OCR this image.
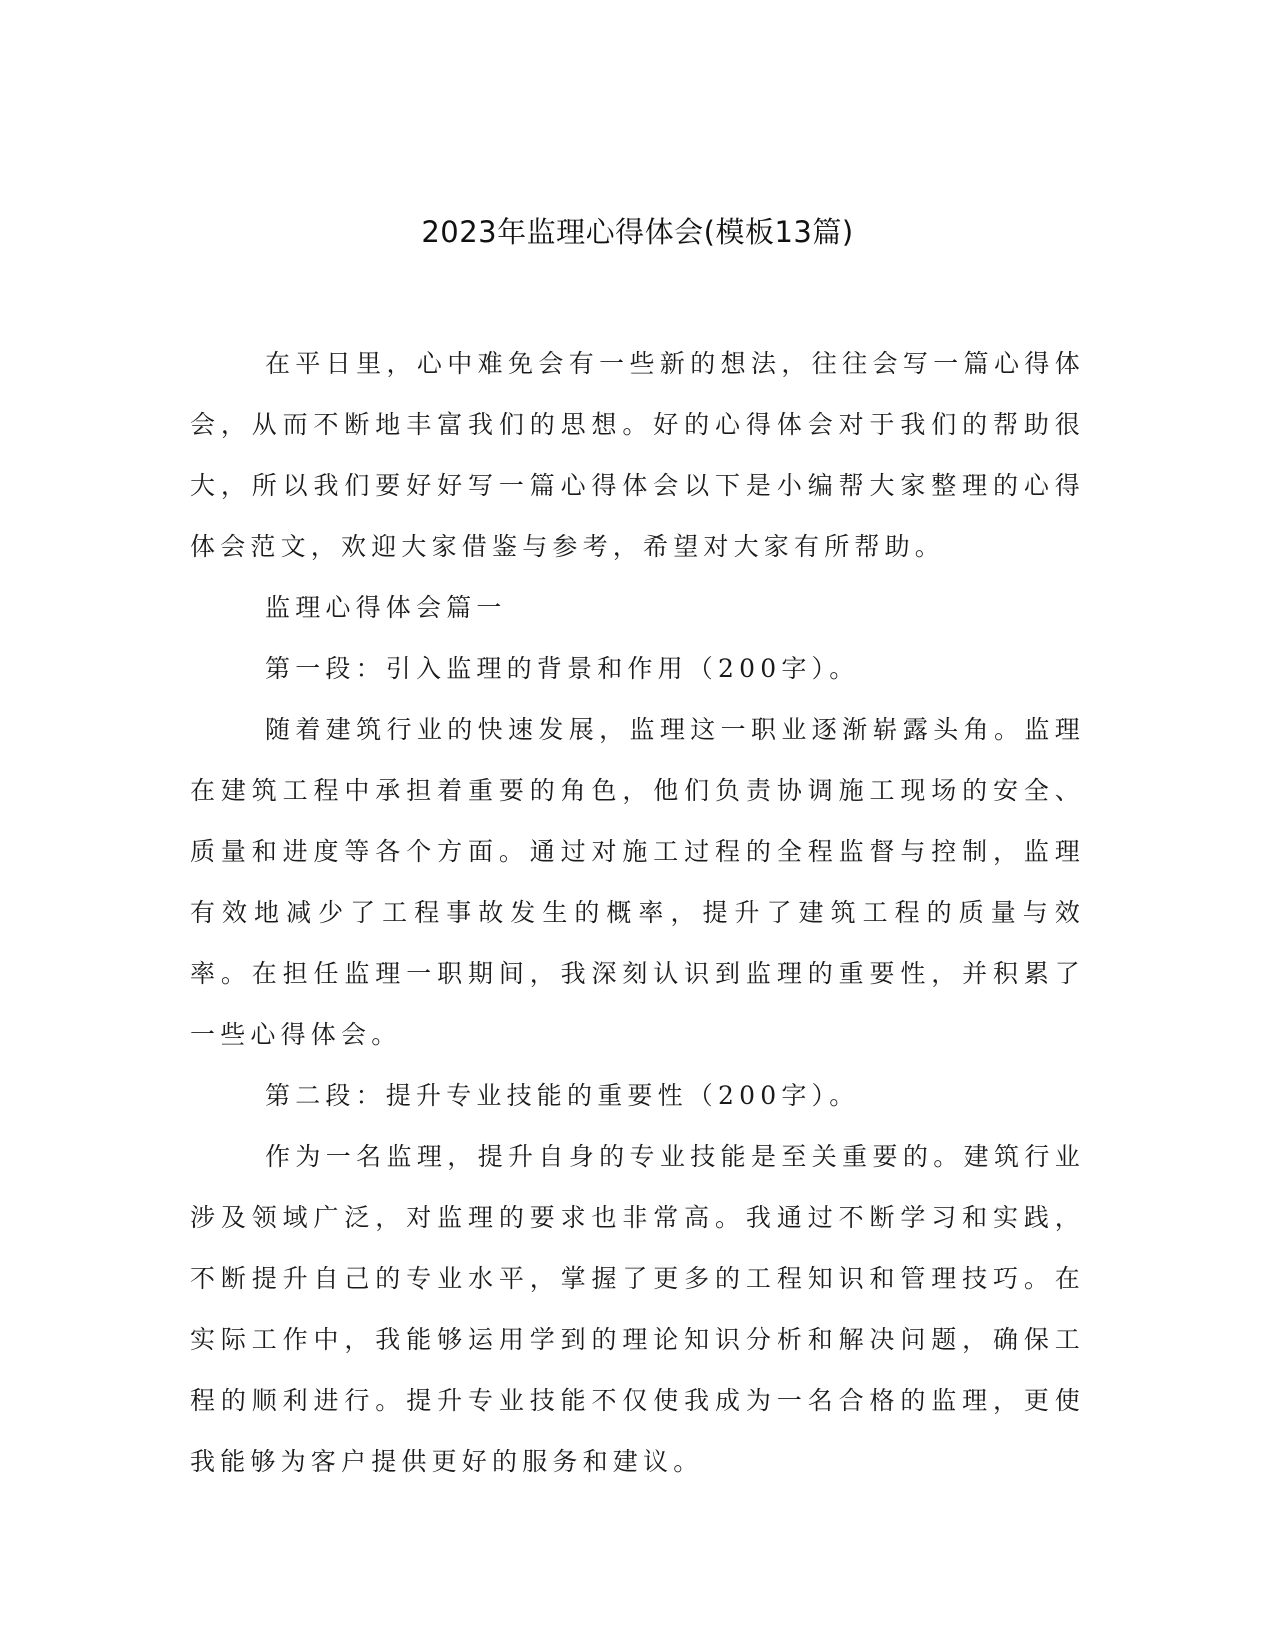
2023年监理心得体会(模板13篇)

在平日里，心中难免会有一些新的想法，往往会写一篇心得体会，从而不断地丰富我们的思想。好的心得体会对于我们的帮助很大，所以我们要好好写一篇心得体会以下是小编帮大家整理的心得体会范文，欢迎大家借鉴与参考，希望对大家有所帮助。

监理心得体会篇一

第一段：引入监理的背景和作用（200字）。

随着建筑行业的快速发展，监理这一职业逐渐崭露头角。监理在建筑工程中承担着重要的角色，他们负责协调施工现场的安全、质量和进度等各个方面。通过对施工过程的全程监督与控制，监理有效地减少了工程事故发生的概率，提升了建筑工程的质量与效率。在担任监理一职期间，我深刻认识到监理的重要性，并积累了一些心得体会。

第二段：提升专业技能的重要性（200字）。

作为一名监理，提升自身的专业技能是至关重要的。建筑行业涉及领域广泛，对监理的要求也非常高。我通过不断学习和实践，不断提升自己的专业水平，掌握了更多的工程知识和管理技巧。在实际工作中，我能够运用学到的理论知识分析和解决问题，确保工程的顺利进行。提升专业技能不仅使我成为一名合格的监理，更使我能够为客户提供更好的服务和建议。
